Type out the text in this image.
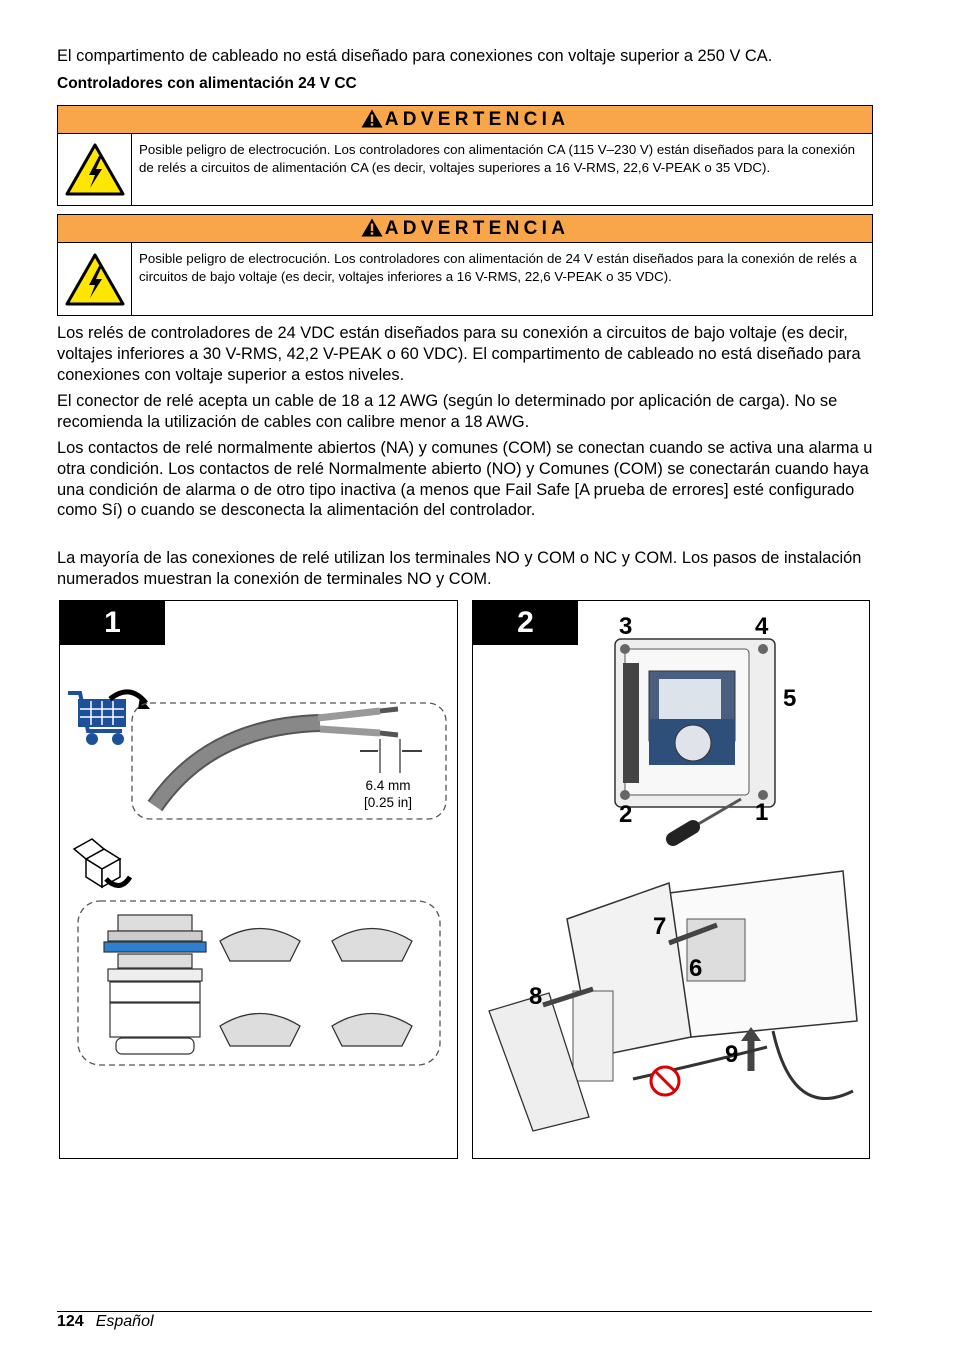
El compartimento de cableado no está diseñado para conexiones con voltaje superior a 250 V CA.

Controladores con alimentación 24 V CC

ADVERTENCIA
Posible peligro de electrocución. Los controladores con alimentación CA (115 V–230 V) están diseñados para la conexión de relés a circuitos de alimentación CA (es decir, voltajes superiores a 16 V-RMS, 22,6 V-PEAK o 35 VDC).
ADVERTENCIA
Posible peligro de electrocución. Los controladores con alimentación de 24 V están diseñados para la conexión de relés a circuitos de bajo voltaje (es decir, voltajes inferiores a 16 V-RMS, 22,6 V-PEAK o 35 VDC).

Los relés de controladores de 24 VDC están diseñados para su conexión a circuitos de bajo voltaje (es decir, voltajes inferiores a 30 V-RMS, 42,2 V-PEAK o 60 VDC). El compartimento de cableado no está diseñado para conexiones con voltaje superior a estos niveles.

El conector de relé acepta un cable de 18 a 12 AWG (según lo determinado por aplicación de carga). No se recomienda la utilización de cables con calibre menor a 18 AWG.

Los contactos de relé normalmente abiertos (NA) y comunes (COM) se conectan cuando se activa una alarma u otra condición. Los contactos de relé Normalmente abierto (NO) y Comunes (COM) se conectarán cuando haya una condición de alarma o de otro tipo inactiva (a menos que Fail Safe [A prueba de errores] esté configurado como Sí) o cuando se desconecta la alimentación del controlador.

La mayoría de las conexiones de relé utilizan los terminales NO y COM o NC y COM. Los pasos de instalación numerados muestran la conexión de terminales NO y COM.

1
6.4 mm
[0.25 in]
2	3	4
5
2	1
7
6
8
9
124 Español
